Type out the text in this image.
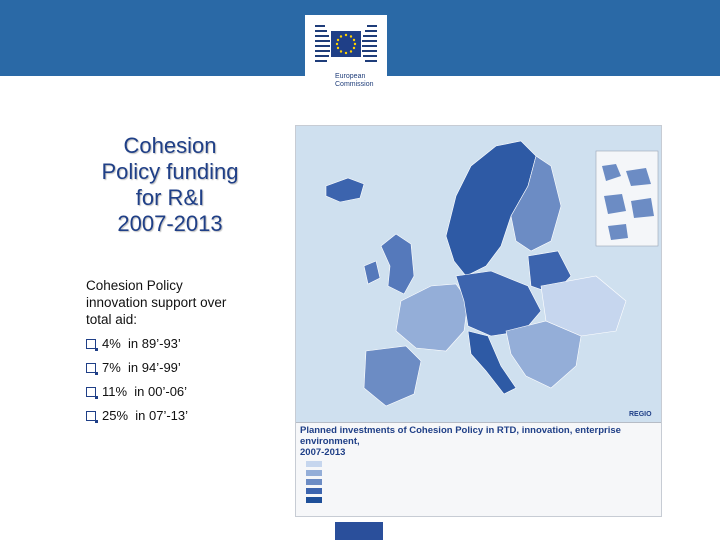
European
Commission
Cohesion
Policy funding
for R&I
2007-2013
Cohesion Policy
innovation support over
total aid:
4%
in 89’-93’
7%
in 94’-99’
11%
in 00’-06’
25%
in 07’-13’	REGIO
Planned investments of Cohesion Policy in RTD, innovation, enterprise environment,
2007-2013
